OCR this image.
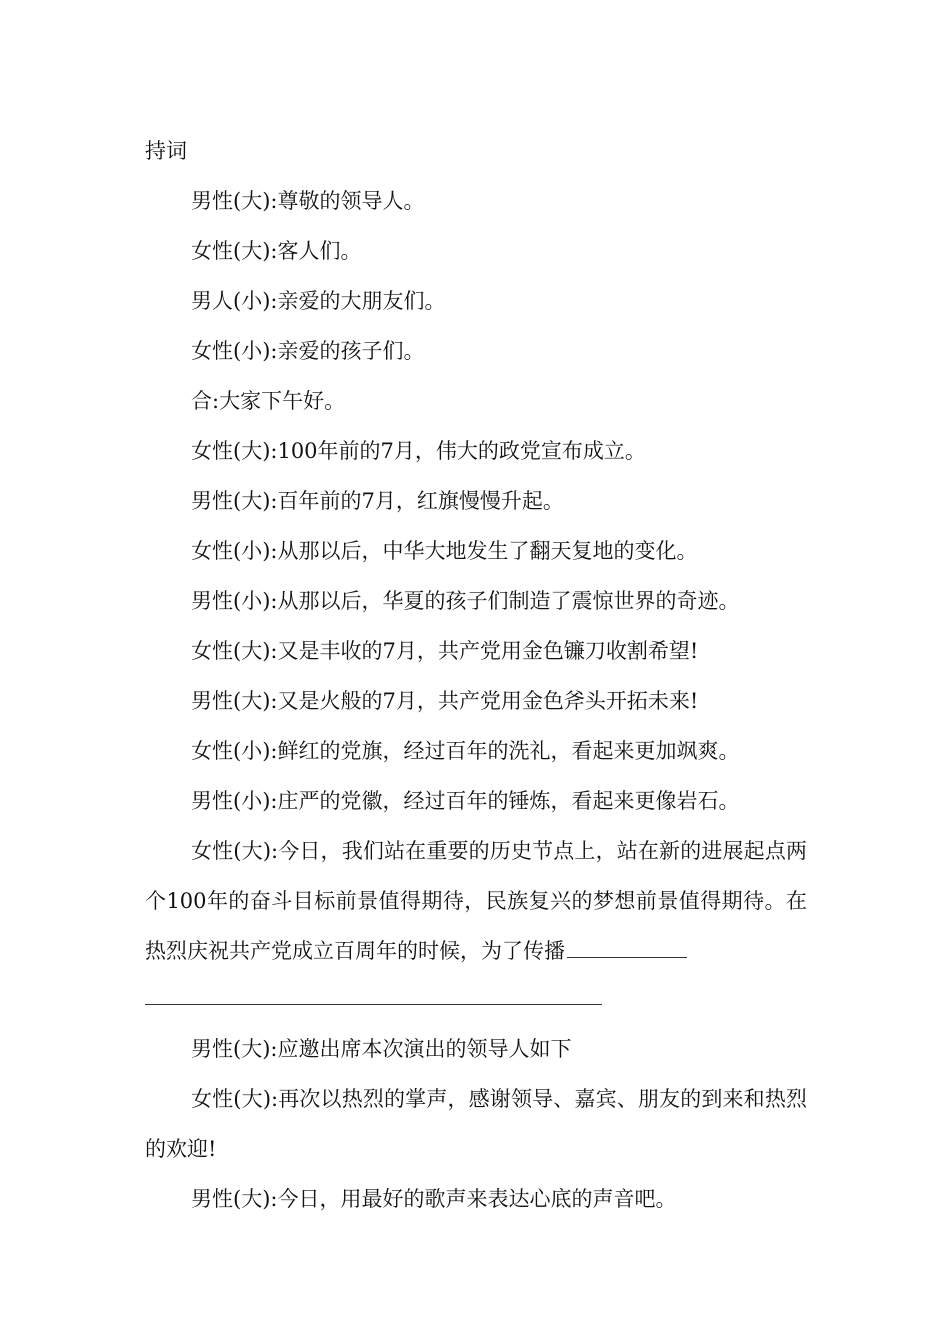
持词
男性(大):尊敬的领导人。
女性(大):客人们。
男人(小):亲爱的大朋友们。
女性(小):亲爱的孩子们。
合:大家下午好。
女性(大):100年前的7月，伟大的政党宣布成立。
男性(大):百年前的7月，红旗慢慢升起。
女性(小):从那以后，中华大地发生了翻天复地的变化。
男性(小):从那以后，华夏的孩子们制造了震惊世界的奇迹。
女性(大):又是丰收的7月，共产党用金色镰刀收割希望!
男性(大):又是火般的7月，共产党用金色斧头开拓未来!
女性(小):鲜红的党旗，经过百年的洗礼，看起来更加飒爽。
男性(小):庄严的党徽，经过百年的锤炼，看起来更像岩石。
女性(大):今日，我们站在重要的历史节点上，站在新的进展起点两个100年的奋斗目标前景值得期待，民族复兴的梦想前景值得期待。在热烈庆祝共产党成立百周年的时候，为了传播
男性(大):应邀出席本次演出的领导人如下
女性(大):再次以热烈的掌声，感谢领导、嘉宾、朋友的到来和热烈的欢迎!
男性(大):今日，用最好的歌声来表达心底的声音吧。
